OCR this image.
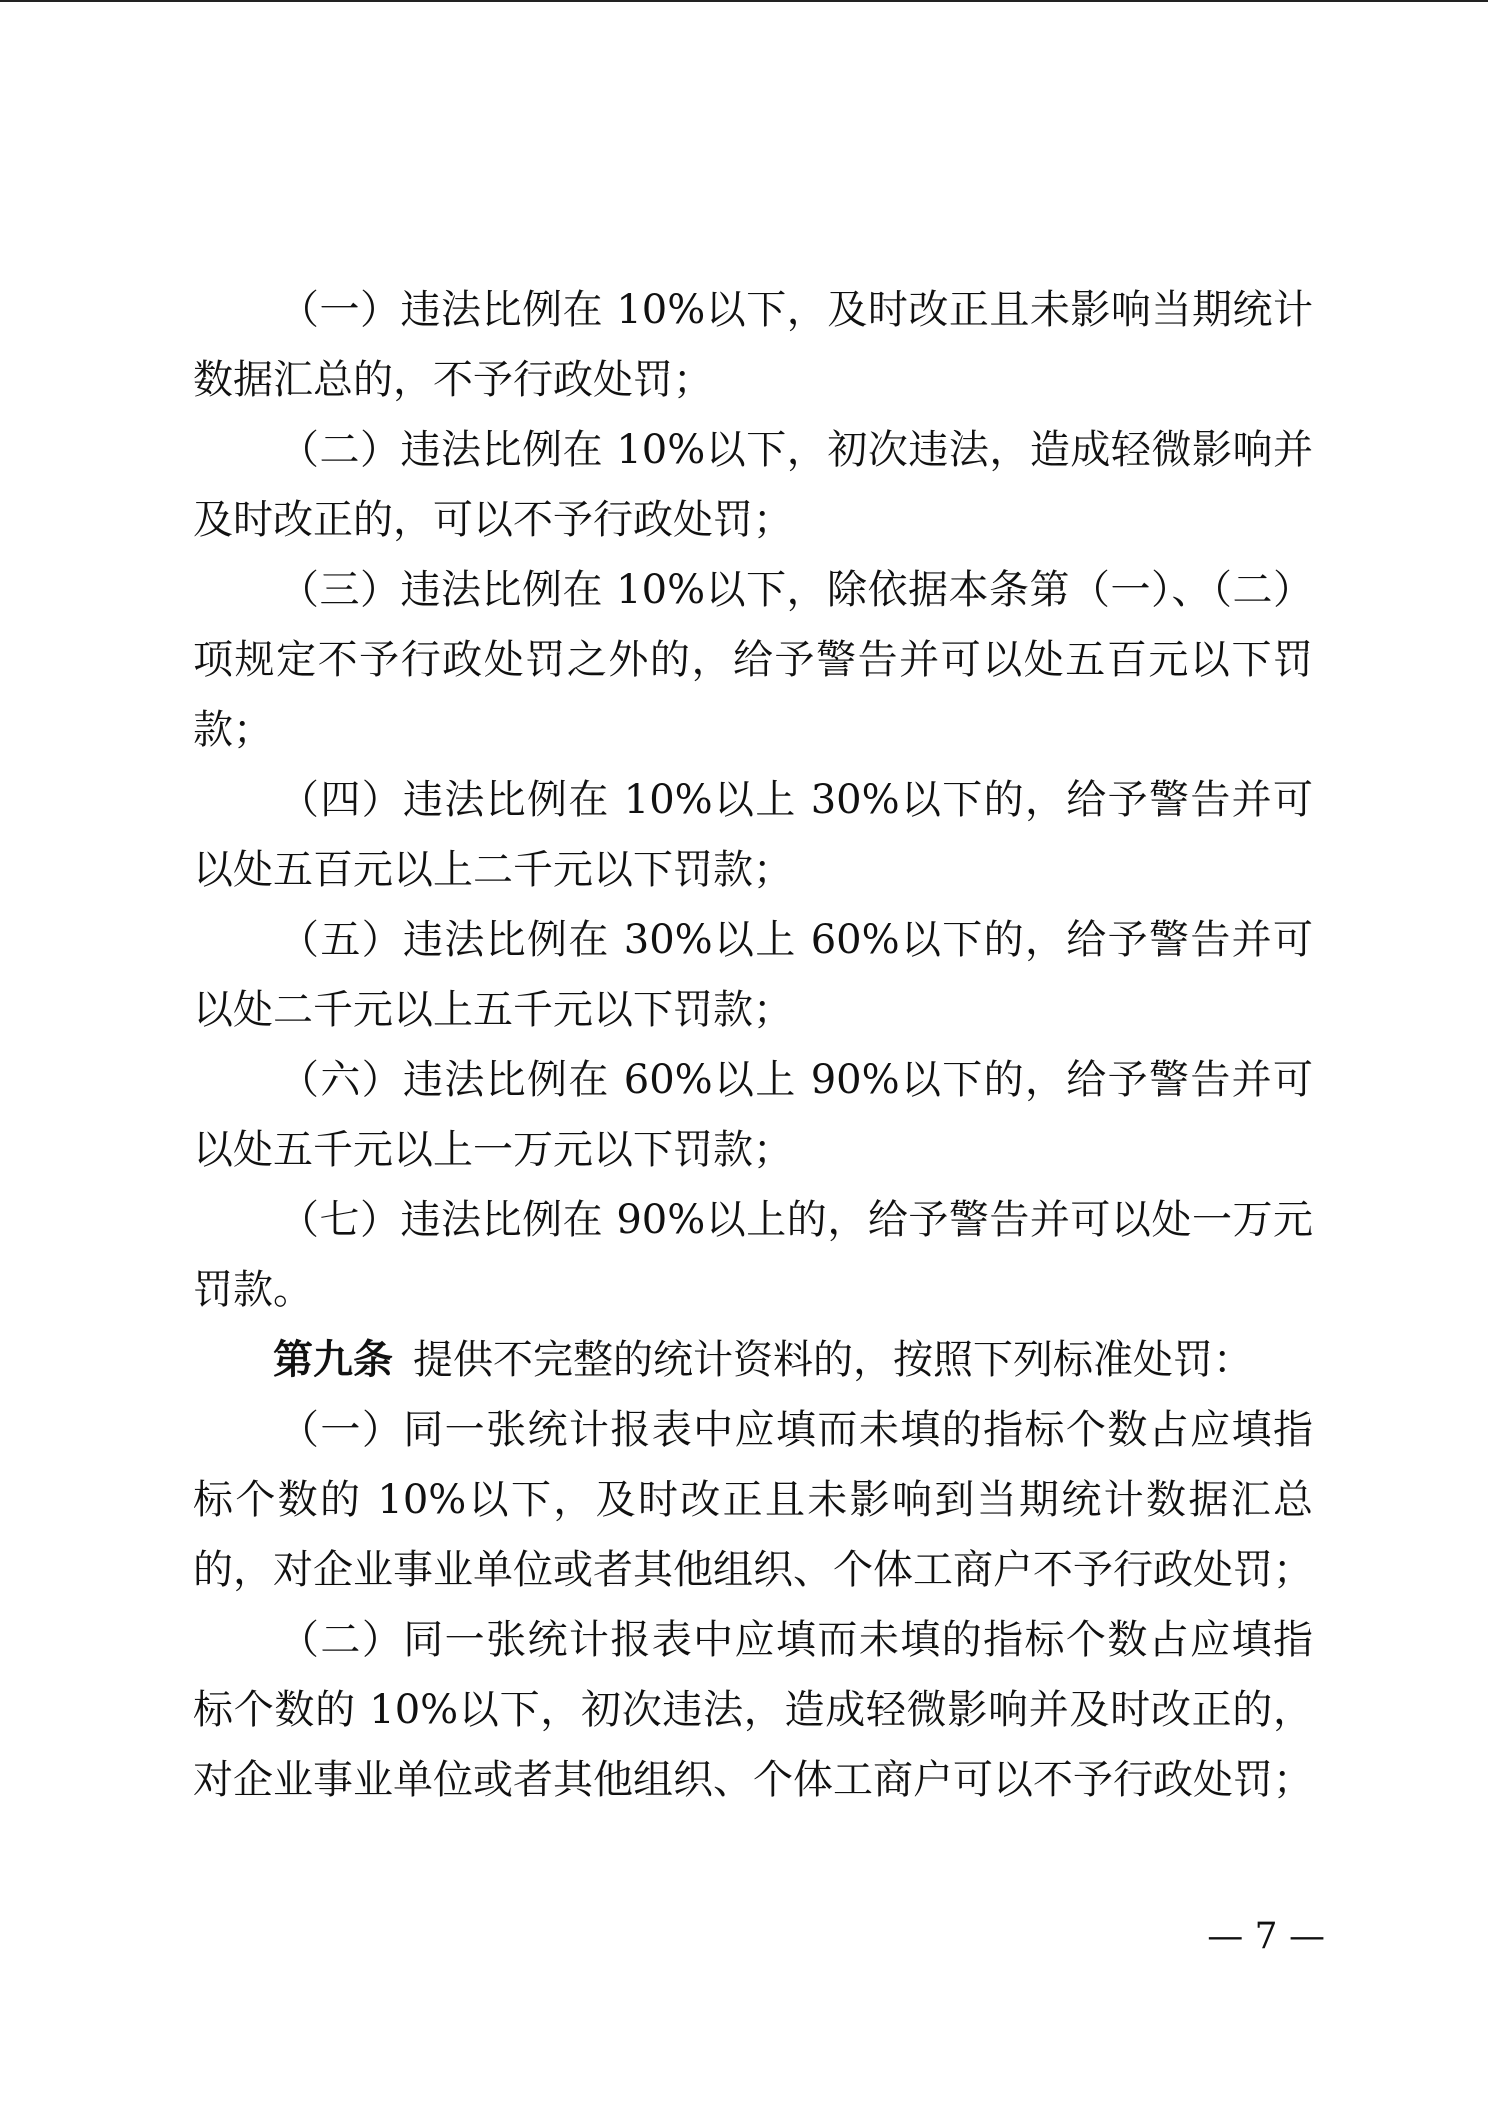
（一）违法比例在 10%以下，及时改正且未影响当期统计数据汇总的，不予行政处罚；

（二）违法比例在 10%以下，初次违法，造成轻微影响并及时改正的，可以不予行政处罚；

（三）违法比例在 10%以下，除依据本条第（一）、（二）项规定不予行政处罚之外的，给予警告并可以处五百元以下罚款；

（四）违法比例在 10%以上 30%以下的，给予警告并可以处五百元以上二千元以下罚款；

（五）违法比例在 30%以上 60%以下的，给予警告并可以处二千元以上五千元以下罚款；

（六）违法比例在 60%以上 90%以下的，给予警告并可以处五千元以上一万元以下罚款；

（七）违法比例在 90%以上的，给予警告并可以处一万元罚款。

第九条 提供不完整的统计资料的，按照下列标准处罚：

（一）同一张统计报表中应填而未填的指标个数占应填指标个数的 10%以下，及时改正且未影响到当期统计数据汇总的，对企业事业单位或者其他组织、个体工商户不予行政处罚；

（二）同一张统计报表中应填而未填的指标个数占应填指标个数的 10%以下，初次违法，造成轻微影响并及时改正的，对企业事业单位或者其他组织、个体工商户可以不予行政处罚；

— 7 —
